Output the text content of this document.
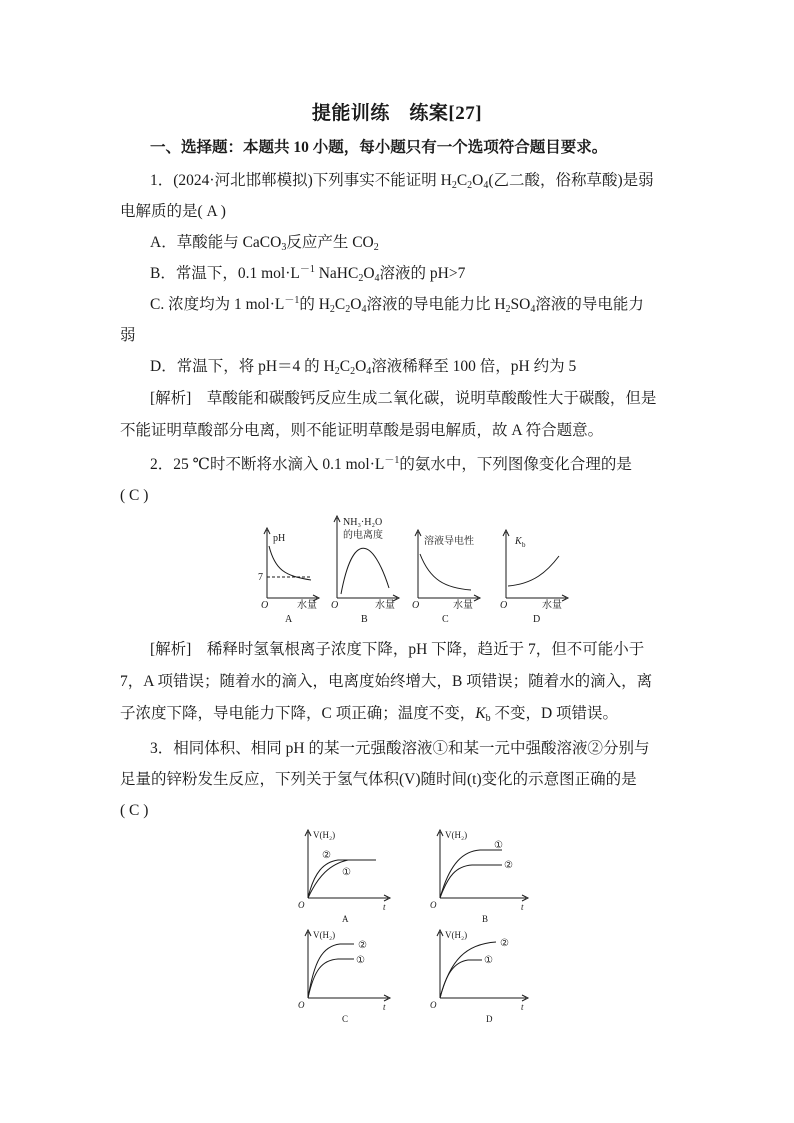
提能训练　练案[27]
一、选择题：本题共 10 小题，每小题只有一个选项符合题目要求。
1．(2024·河北邯郸模拟)下列事实不能证明 $H_2C_2O_4$(乙二酸，俗称草酸)是弱
电解质的是( A )
A．草酸能与 CaCO$_3$反应产生 $CO_2$
B．常温下，0.1 $mol\cdot L^{-1}$ $NaHC_2O_4$溶液的 pH>7
C. 浓度均为 1 $mol\cdot L^{-1}$的 $H_2C_2O_4$溶液的导电能力比 $H_2SO_4$溶液的导电能力
弱
D．常温下，将 pH＝4 的 $H_2C_2O_4$溶液稀释至 100 倍，pH 约为 5
[解析]　草酸能和碳酸钙反应生成二氧化碳，说明草酸酸性大于碳酸，但是
不能证明草酸部分电离，则不能证明草酸是弱电解质，故 A 符合题意。
2．25 ℃时不断将水滴入 0.1 $mol\cdot L^{-1}$的氨水中，下列图像变化合理的是
( C )
pH
7
O	水量
A
NH₃·H₂O
的电离度
O	水量
B
溶液导电性
O	水量
C
K b
O	水量
D
[解析]　稀释时氢氧根离子浓度下降，pH 下降，趋近于 7，但不可能小于
7，A 项错误；随着水的滴入，电离度始终增大，B 项错误；随着水的滴入，离
子浓度下降，导电能力下降，C 项正确；温度不变，$K_b$ 不变，D 项错误。
3．相同体积、相同 pH 的某一元强酸溶液①和某一元中强酸溶液②分别与
足量的锌粉发生反应，下列关于氢气体积(V)随时间(t)变化的示意图正确的是
( C )
V(H₂)
②
①
O	t
A
V(H₂)
①
②
O	t
B
V(H₂)
②
①
O	t
C
V(H₂)
②
①
O	t
D
